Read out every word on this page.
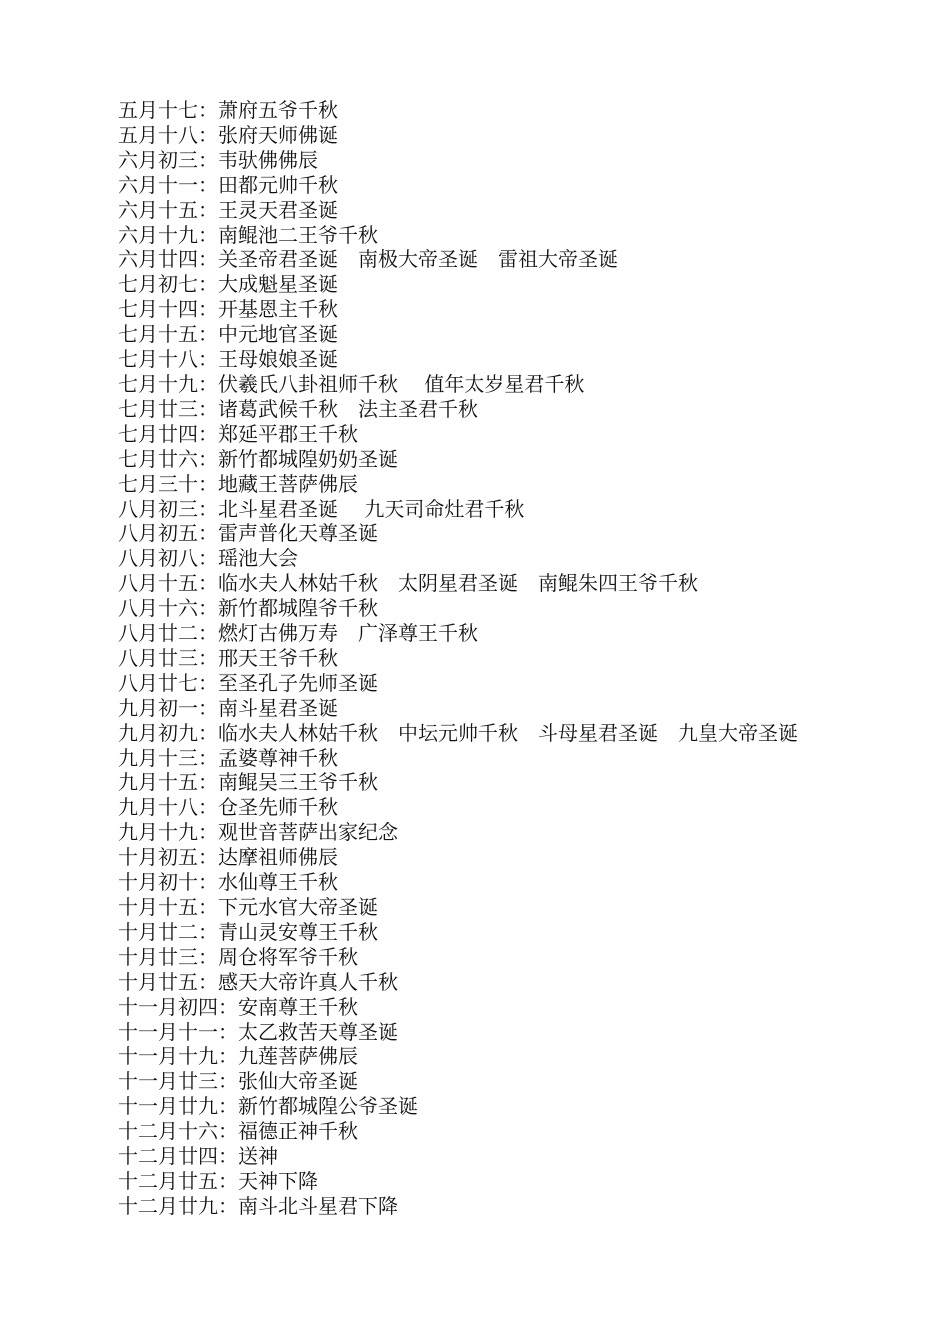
五月十七：萧府五爷千秋
五月十八：张府天师佛诞
六月初三：韦驮佛佛辰
六月十一：田都元帅千秋
六月十五：王灵天君圣诞
六月十九：南鲲池二王爷千秋
六月廿四：关圣帝君圣诞　南极大帝圣诞　雷祖大帝圣诞
七月初七：大成魁星圣诞
七月十四：开基恩主千秋
七月十五：中元地官圣诞
七月十八：王母娘娘圣诞
七月十九：伏羲氏八卦祖师千秋　 值年太岁星君千秋
七月廿三：诸葛武候千秋　法主圣君千秋
七月廿四：郑延平郡王千秋
七月廿六：新竹都城隍奶奶圣诞
七月三十：地藏王菩萨佛辰
八月初三：北斗星君圣诞　 九天司命灶君千秋
八月初五：雷声普化天尊圣诞
八月初八：瑶池大会
八月十五：临水夫人林姑千秋　太阴星君圣诞　南鲲朱四王爷千秋
八月十六：新竹都城隍爷千秋
八月廿二：燃灯古佛万寿　广泽尊王千秋
八月廿三：邢天王爷千秋
八月廿七：至圣孔子先师圣诞
九月初一：南斗星君圣诞
九月初九：临水夫人林姑千秋　中坛元帅千秋　斗母星君圣诞　九皇大帝圣诞
九月十三：孟婆尊神千秋
九月十五：南鲲吴三王爷千秋
九月十八：仓圣先师千秋
九月十九：观世音菩萨出家纪念
十月初五：达摩祖师佛辰
十月初十：水仙尊王千秋
十月十五：下元水官大帝圣诞
十月廿二：青山灵安尊王千秋
十月廿三：周仓将军爷千秋
十月廿五：感天大帝许真人千秋
十一月初四：安南尊王千秋
十一月十一：太乙救苦天尊圣诞
十一月十九：九莲菩萨佛辰
十一月廿三：张仙大帝圣诞
十一月廿九：新竹都城隍公爷圣诞
十二月十六：福德正神千秋
十二月廿四：送神
十二月廿五：天神下降
十二月廿九：南斗北斗星君下降
